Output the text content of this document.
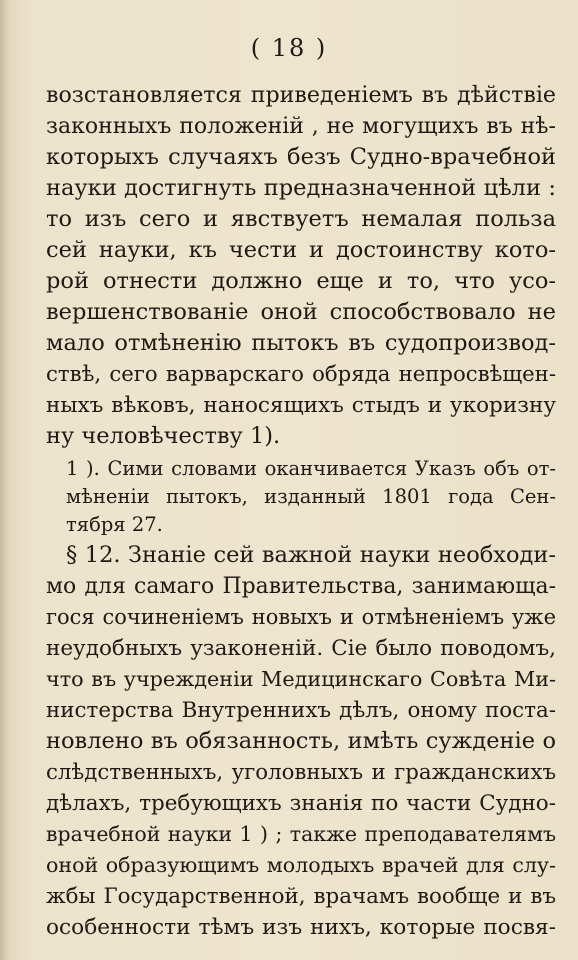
( 18 )
возстановляется приведенiемъ въ дѣйствiе
законныхъ положенiй , не могущихъ въ нѣ-
которыхъ случаяхъ безъ Судно-врачебной
науки достигнуть предназначенной цѣли :
то изъ сего и явствуетъ немалая польза
сей науки, къ чести и достоинству кото-
рой отнести должно еще и то, что усо-
вершенствованiе оной способствовало не
мало отмѣненiю пытокъ въ судопроизвод-
ствѣ, сего варварскаго обряда непросвѣщен-
ныхъ вѣковъ, наносящихъ стыдъ и укоризну
ну человѣчеству 1).
1 ). Сими словами оканчивается Указъ объ от-
мѣненiи пытокъ, изданный 1801 года Сен-
тября 27.
§ 12. Знанiе сей важной науки необходи-
мо для самаго Правительства, занимающа-
гося сочиненiемъ новыхъ и отмѣненiемъ уже
неудобныхъ узаконенiй. Сiе было поводомъ,
что въ учрежденiи Медицинскаго Совѣта Ми-
нистерства Внутреннихъ дѣлъ, оному поста-
новлено въ обязанность, имѣть сужденiе о
слѣдственныхъ, уголовныхъ и гражданскихъ
дѣлахъ, требующихъ знанiя по части Судно-
врачебной науки 1 ) ; также преподавателямъ
оной образующимъ молодыхъ врачей для слу-
жбы Государственной, врачамъ вообще и въ
особенности тѣмъ изъ нихъ, которые посвя-
